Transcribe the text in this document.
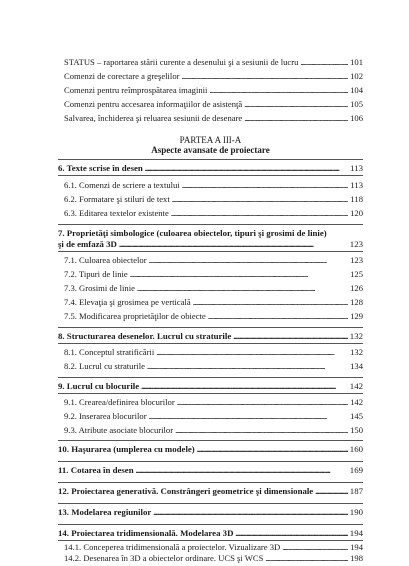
STATUS – raportarea stării curente a desenului şi a sesiunii de lucru . . .	101
Comenzi de corectare a greşelilor . . .	102
Comenzi pentru reîmprospătarea imaginii . . .	104
Comenzi pentru accesarea informaţiilor de asistenţă . . .	105
Salvarea, închiderea şi reluarea sesiunii de desenare . . .	106
PARTEA A III-A
Aspecte avansate de proiectare
6. Texte scrise în desen . . .	113
6.1. Comenzi de scriere a textului . . .	113
6.2. Formatare şi stiluri de text . . .	118
6.3. Editarea textelor existente . . .	120
7. Proprietăţi simbologice (culoarea obiectelor, tipuri şi grosimi de linie)
şi de emfază 3D . . .	123
7.1. Culoarea obiectelor . . .	123
7.2. Tipuri de linie . . .	125
7.3. Grosimi de linie . . .	126
7.4. Elevaţia şi grosimea pe verticală . . .	128
7.5. Modificarea proprietăţilor de obiecte . . .	129
8. Structurarea desenelor. Lucrul cu straturile . . .	132
8.1. Conceptul stratificării . . .	132
8.2. Lucrul cu straturile . . .	134
9. Lucrul cu blocurile . . .	142
9.1. Crearea/definirea blocurilor . . .	142
9.2. Inserarea blocurilor . . .	145
9.3. Atribute asociate blocurilor . . .	150
10. Haşurarea (umplerea cu modele) . . .	160
11. Cotarea în desen . . .	169
12. Proiectarea generativă. Constrângeri geometrice şi dimensionale . . .	187
13. Modelarea regiunilor . . .	190
14. Proiectarea tridimensională. Modelarea 3D . . .	194
14.1. Conceperea tridimensională a proiectelor. Vizualizare 3D . . .	194
14.2. Desenarea în 3D a obiectelor ordinare. UCS şi WCS . . .	198
